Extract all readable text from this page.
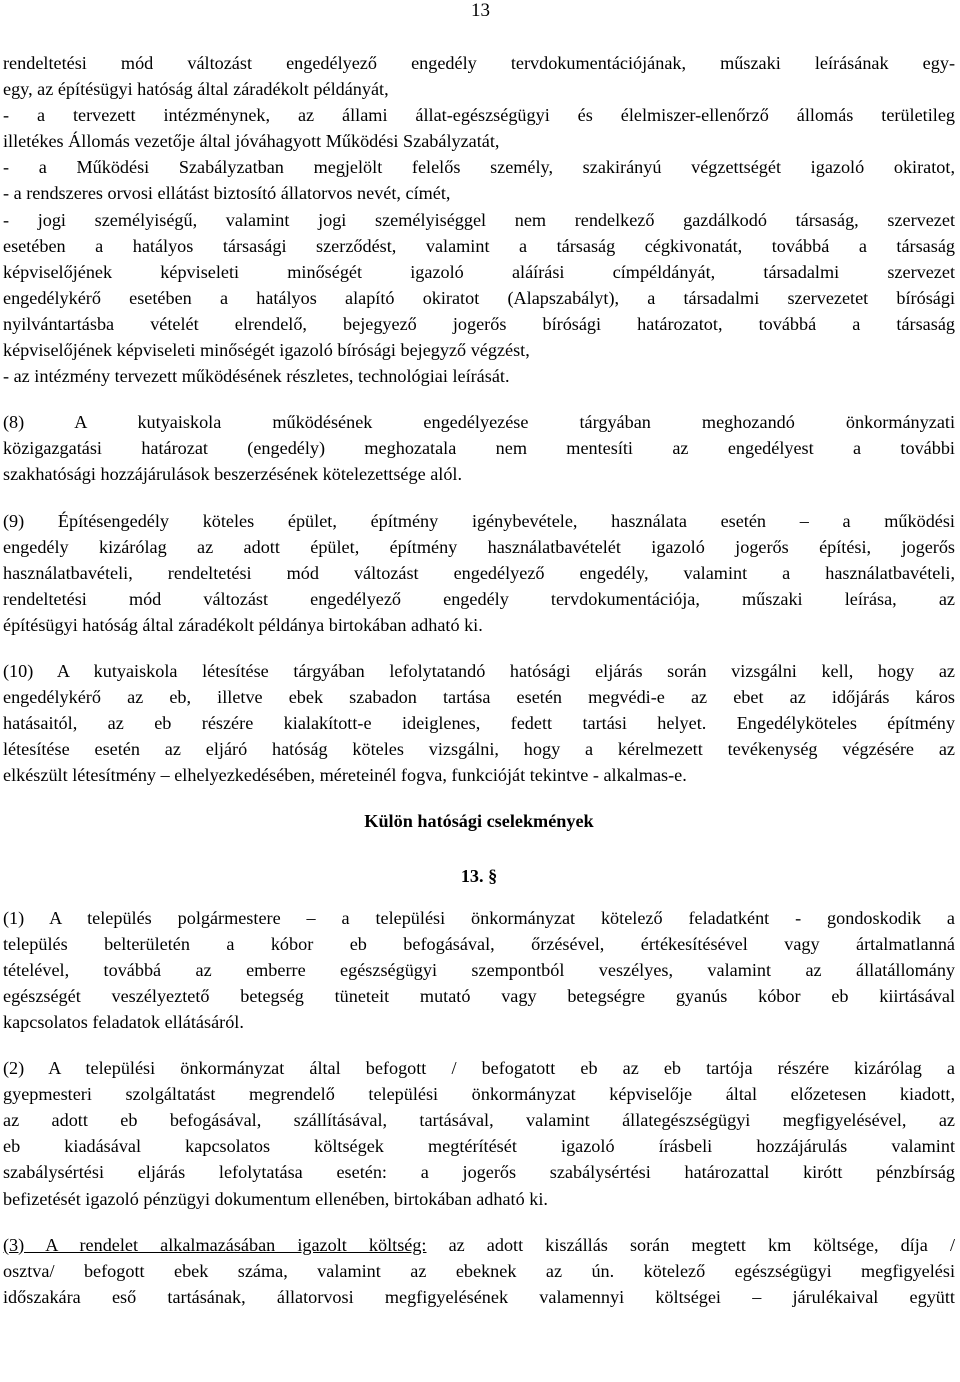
13
rendeltetési mód változást engedélyező engedély tervdokumentációjának, műszaki leírásának egy-
egy, az építésügyi hatóság által záradékolt példányát,
- a tervezett intézménynek, az állami állat-egészségügyi és élelmiszer-ellenőrző állomás területileg
illetékes Állomás vezetője által jóváhagyott Működési Szabályzatát,
- a Működési Szabályzatban megjelölt felelős személy, szakirányú végzettségét igazoló okiratot,
- a rendszeres orvosi ellátást biztosító állatorvos nevét, címét,
- jogi személyiségű, valamint jogi személyiséggel nem rendelkező gazdálkodó társaság, szervezet
esetében a hatályos társasági szerződést, valamint a társaság cégkivonatát, továbbá a társaság
képviselőjének képviseleti minőségét igazoló aláírási címpéldányát, társadalmi szervezet
engedélykérő esetében a hatályos alapító okiratot (Alapszabályt), a társadalmi szervezetet bírósági
nyilvántartásba vételét elrendelő, bejegyező jogerős bírósági határozatot, továbbá a társaság
képviselőjének képviseleti minőségét igazoló bírósági bejegyző végzést,
- az intézmény tervezett működésének részletes, technológiai leírását.
(8) A kutyaiskola működésének engedélyezése tárgyában meghozandó önkormányzati
közigazgatási határozat (engedély) meghozatala nem mentesíti az engedélyest a további
szakhatósági hozzájárulások beszerzésének kötelezettsége alól.
(9) Építésengedély köteles épület, építmény igénybevétele, használata esetén – a működési
engedély kizárólag az adott épület, építmény használatbavételét igazoló jogerős építési, jogerős
használatbavételi, rendeltetési mód változást engedélyező engedély, valamint a használatbavételi,
rendeltetési mód változást engedélyező engedély tervdokumentációja, műszaki leírása, az
építésügyi hatóság által záradékolt példánya birtokában adható ki.
(10) A kutyaiskola létesítése tárgyában lefolytatandó hatósági eljárás során vizsgálni kell, hogy az
engedélykérő az eb, illetve ebek szabadon tartása esetén megvédi-e az ebet az időjárás káros
hatásaitól, az eb részére kialakított-e ideiglenes, fedett tartási helyet. Engedélyköteles építmény
létesítése esetén az eljáró hatóság köteles vizsgálni, hogy a kérelmezett tevékenység végzésére az
elkészült létesítmény – elhelyezkedésében, méreteinél fogva, funkcióját tekintve - alkalmas-e.
Külön hatósági cselekmények
13. §
(1) A település polgármestere – a települési önkormányzat kötelező feladatként - gondoskodik a
település belterületén a kóbor eb befogásával, őrzésével, értékesítésével vagy ártalmatlanná
tételével, továbbá az emberre egészségügyi szempontból veszélyes, valamint az állatállomány
egészségét veszélyeztető betegség tüneteit mutató vagy betegségre gyanús kóbor eb kiirtásával
kapcsolatos feladatok ellátásáról.
(2) A települési önkormányzat által befogott / befogatott eb az eb tartója részére kizárólag a
gyepmesteri szolgáltatást megrendelő települési önkormányzat képviselője által előzetesen kiadott,
az adott eb befogásával, szállításával, tartásával, valamint állategészségügyi megfigyelésével, az
eb kiadásával kapcsolatos költségek megtérítését igazoló írásbeli hozzájárulás valamint
szabálysértési eljárás lefolytatása esetén: a jogerős szabálysértési határozattal kirótt pénzbírság
befizetését igazoló pénzügyi dokumentum ellenében, birtokában adható ki.
(3) A rendelet alkalmazásában igazolt költség: az adott kiszállás során megtett km költsége, díja /
osztva/ befogott ebek száma, valamint az ebeknek az ún. kötelező egészségügyi megfigyelési
időszakára eső tartásának, állatorvosi megfigyelésének valamennyi költségei – járulékaival együtt
